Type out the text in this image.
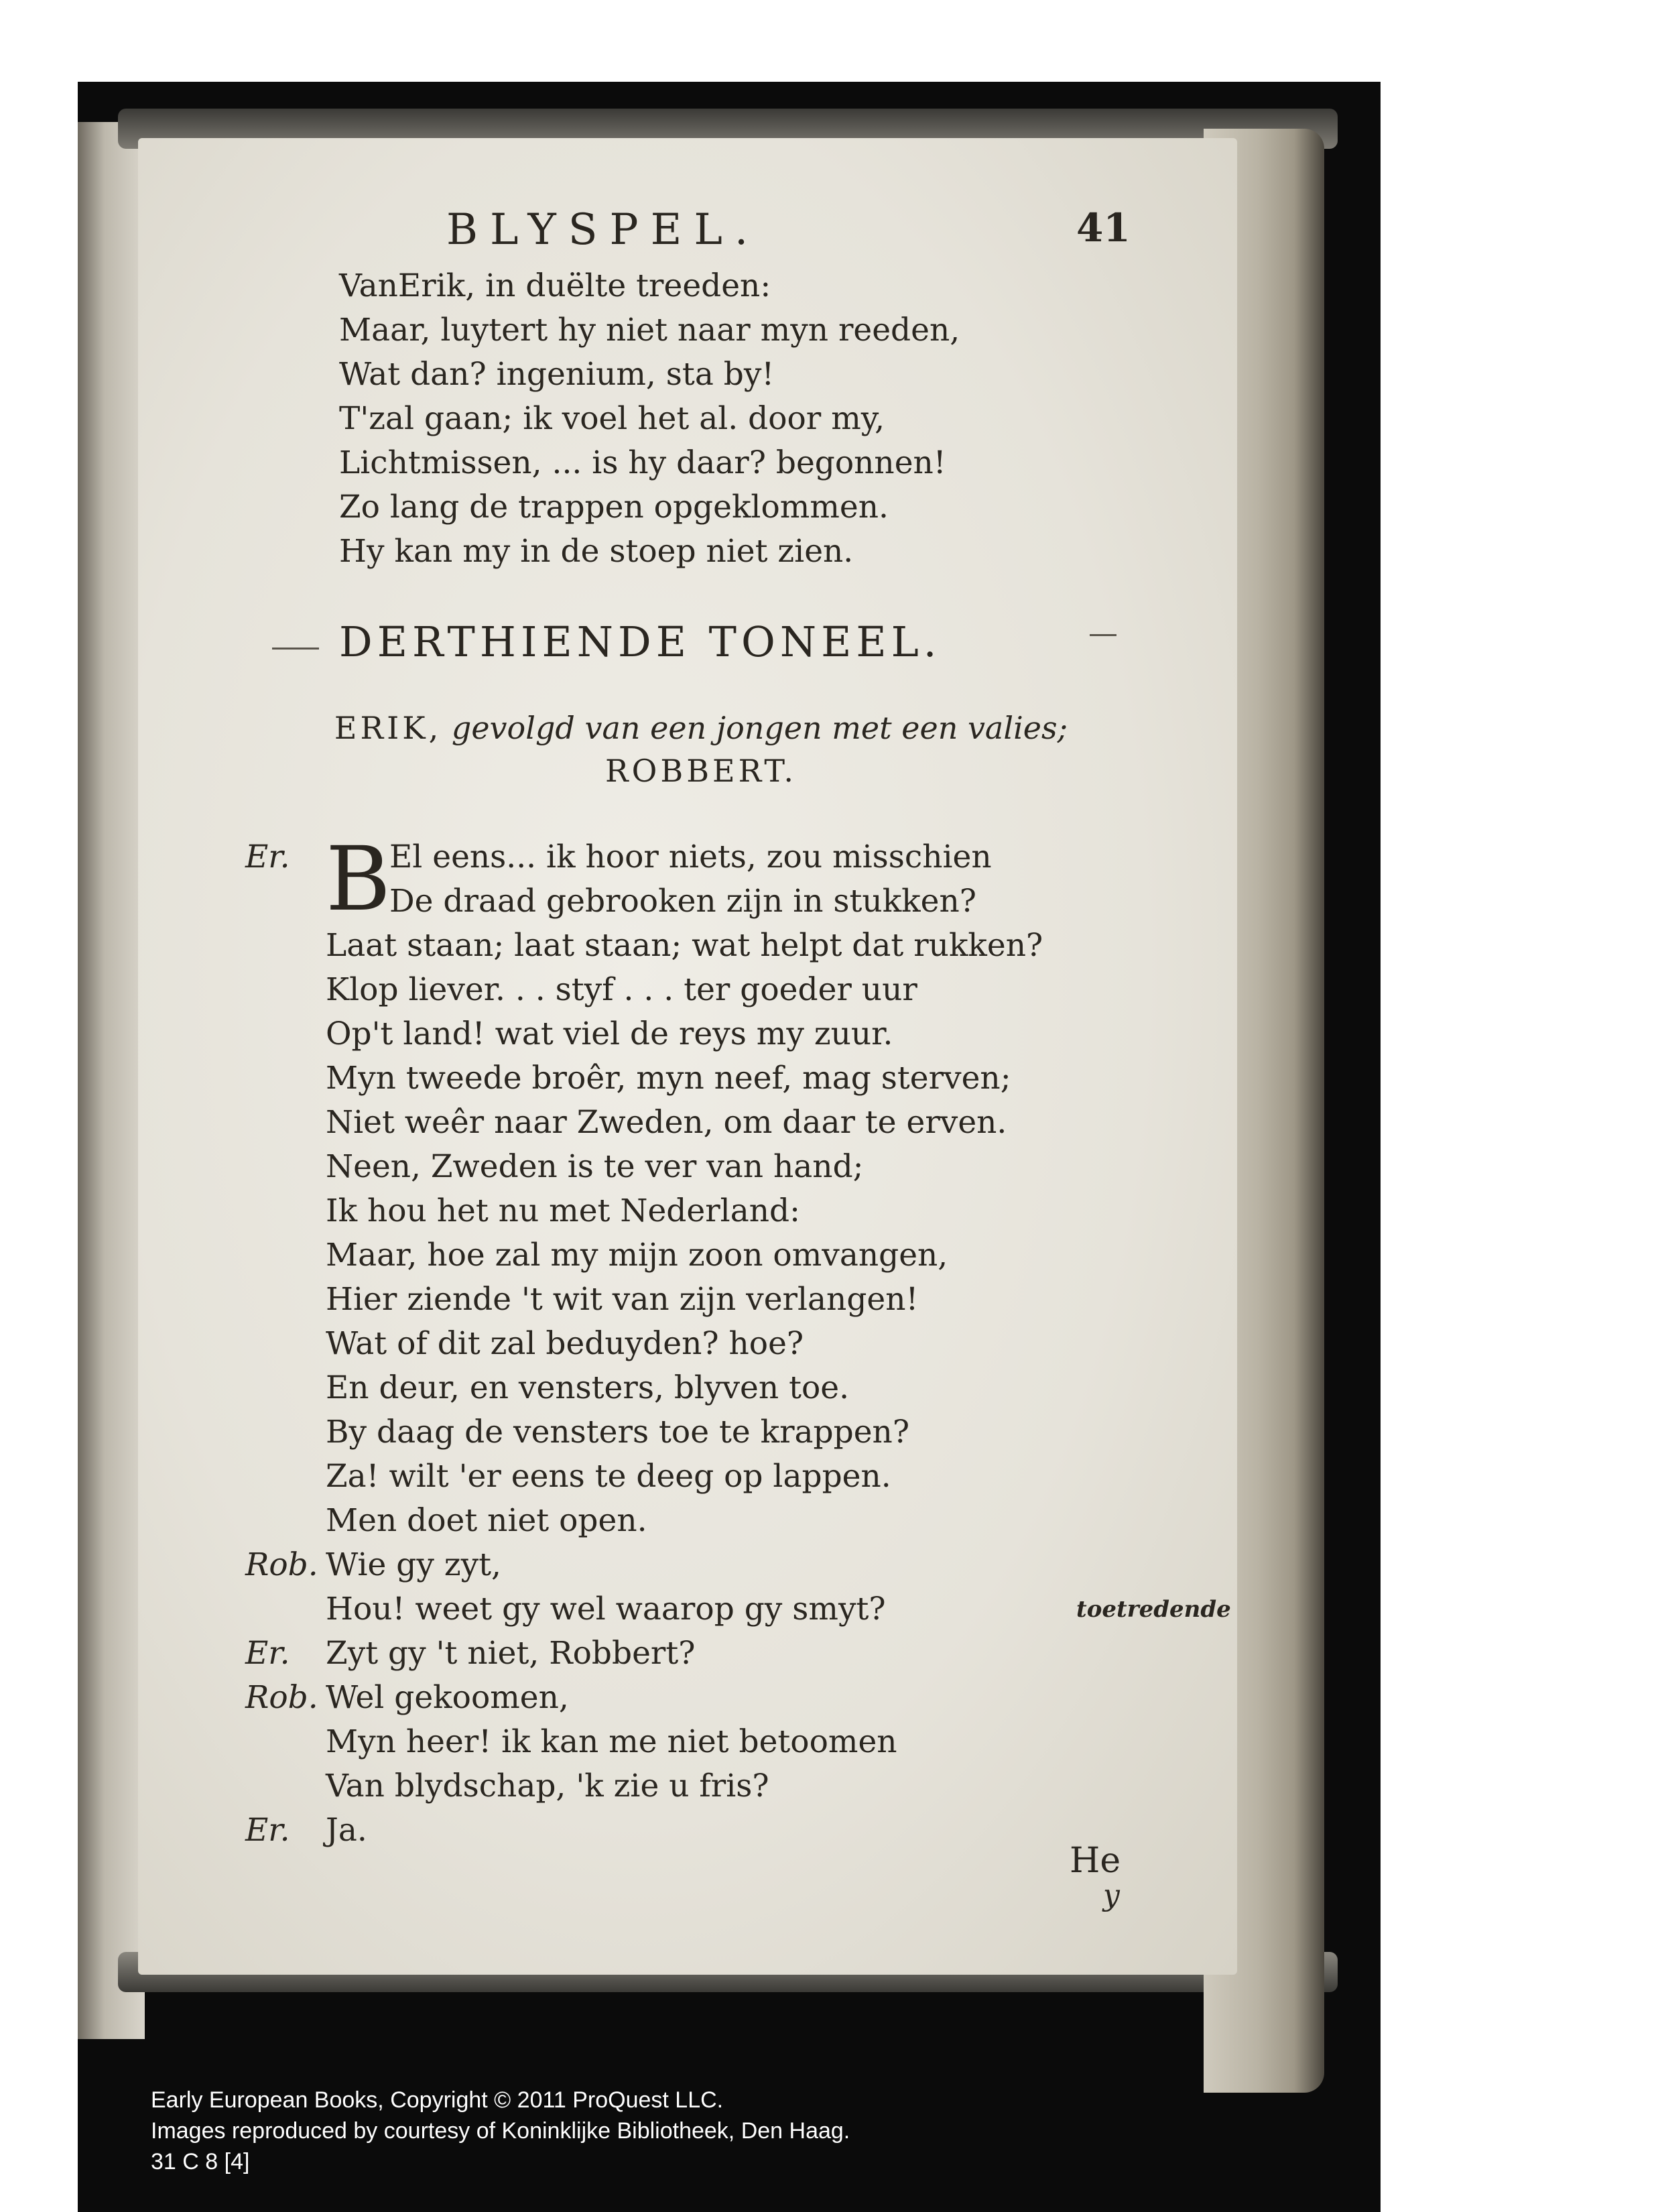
BLYSPEL.	41
VanErik, in duëlte treeden:
Maar, luytert hy niet naar myn reeden,
Wat dan? ingenium, sta by!
T'zal gaan; ik voel het al. door my,
Lichtmissen, ... is hy daar? begonnen!
Zo lang de trappen opgeklommen.
Hy kan my in de stoep niet zien.
DERTHIENDE TONEEL.
ERIK, gevolgd van een jongen met een valies;
ROBBERT.
Er. B
El eens... ik hoor niets, zou misschien
De draad gebrooken zijn in stukken?
Laat staan; laat staan; wat helpt dat rukken?
Klop liever. . . styf . . . ter goeder uur
Op't land! wat viel de reys my zuur.
Myn tweede broêr, myn neef, mag sterven;
Niet weêr naar Zweden, om daar te erven.
Neen, Zweden is te ver van hand;
Ik hou het nu met Nederland:
Maar, hoe zal my mijn zoon omvangen,
Hier ziende 't wit van zijn verlangen!
Wat of dit zal beduyden? hoe?
En deur, en vensters, blyven toe.
By daag de vensters toe te krappen?
Za! wilt 'er eens te deeg op lappen.
Men doet niet open.
Rob. Wie gy zyt,
Hou! weet gy wel waarop gy smyt?	toetredende
Er.	Zyt gy 't niet, Robbert?
Rob. Wel gekoomen,
Myn heer! ik kan me niet betoomen
Van blydschap, 'k zie u fris?
Er.	Ja.
He
y
Early European Books, Copyright © 2011 ProQuest LLC.
Images reproduced by courtesy of Koninklijke Bibliotheek, Den Haag.
31 C 8 [4]
